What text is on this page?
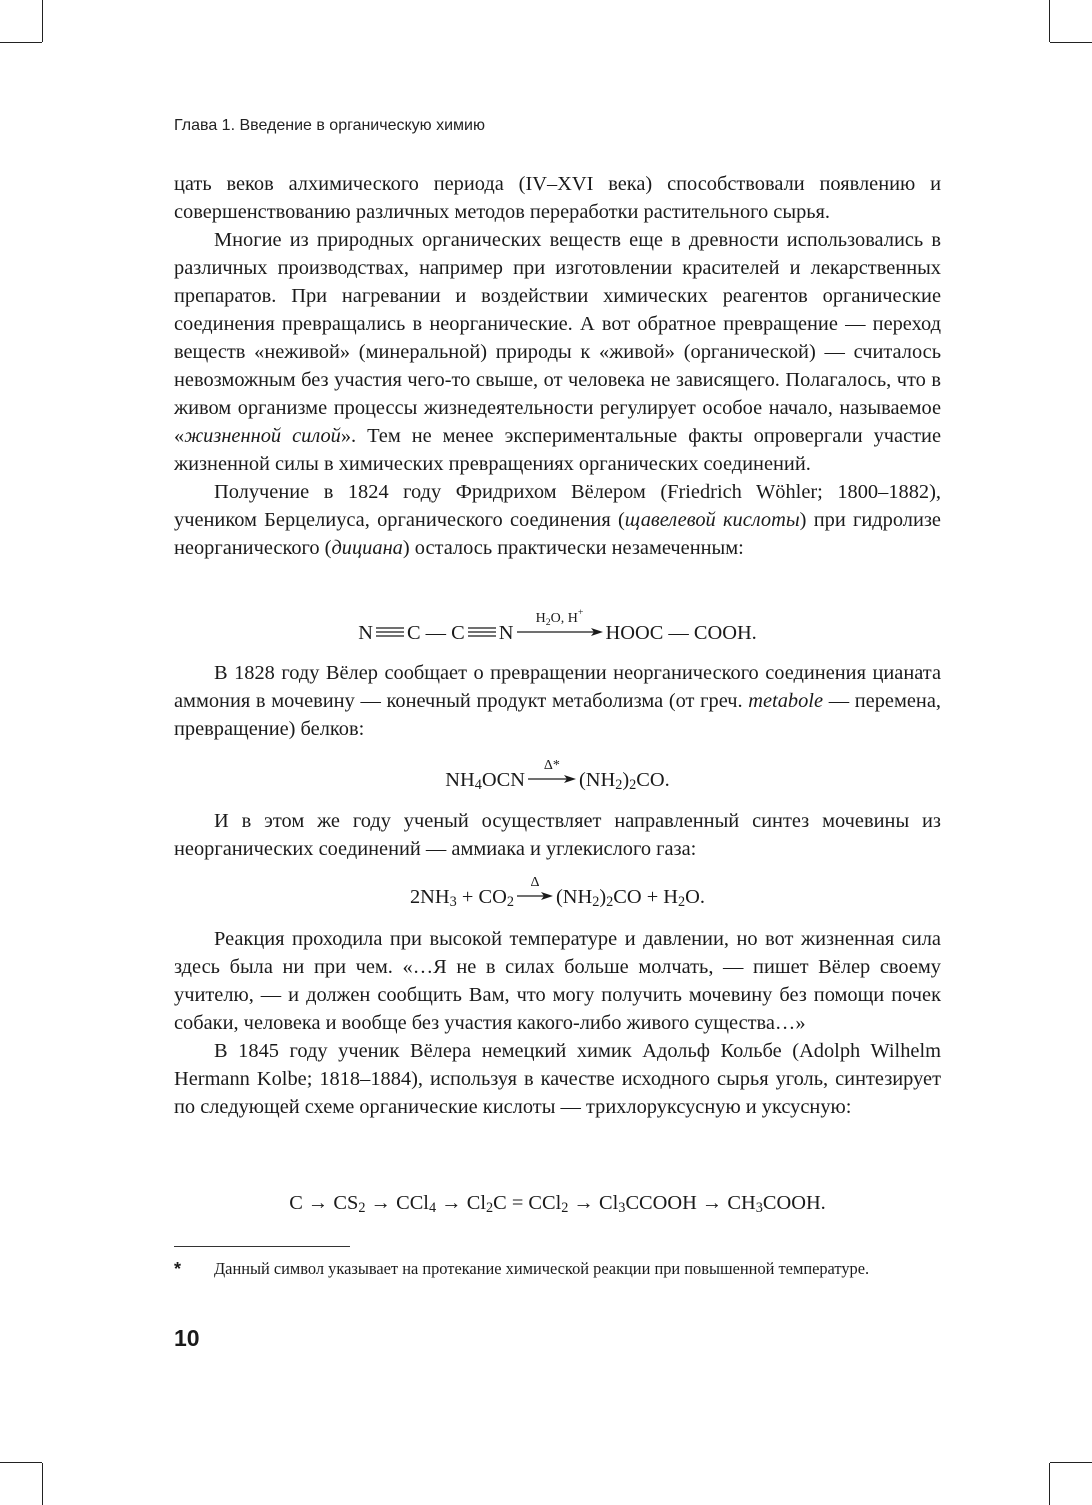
Глава 1. Введение в органическую химию

цать веков алхимического периода (IV–XVI века) способствовали появлению и совершенствованию различных методов переработки растительного сырья.

Многие из природных органических веществ еще в древности использовались в различных производствах, например при изготовлении красителей и лекарственных препаратов. При нагревании и воздействии химических реагентов органические соединения превращались в неорганические. А вот обратное превращение — переход веществ «неживой» (минеральной) природы к «живой» (органической) — считалось невозможным без участия чего-то свыше, от человека не зависящего. Полагалось, что в живом организме процессы жизнедеятельности регулирует особое начало, называемое «жизненной силой». Тем не менее экспериментальные факты опровергали участие жизненной силы в химических превращениях органических соединений.

Получение в 1824 году Фридрихом Вёлером (Friedrich Wöhler; 1800–1882), учеником Берцелиуса, органического соединения (щавелевой кислоты) при гидролизе неорганического (дициана) осталось практически незамеченным:

N C — C N
$H_2O$, H+
HOOC — COOH.

В 1828 году Вёлер сообщает о превращении неорганического соединения цианата аммония в мочевину — конечный продукт метаболизма (от греч. metabole — перемена, превращение) белков:

$NH_4OCN$
Δ*
$(NH_2)_2CO$.

И в этом же году ученый осуществляет направленный синтез мочевины из неорганических соединений — аммиака и углекислого газа:

$2NH_3 + CO_2$
Δ
$(NH_2)_2CO + H_2O$.

Реакция проходила при высокой температуре и давлении, но вот жизненная сила здесь была ни при чем. «…Я не в силах больше молчать, — пишет Вёлер своему учителю, — и должен сообщить Вам, что могу получить мочевину без помощи почек собаки, человека и вообще без участия какого-либо живого существа…»

В 1845 году ученик Вёлера немецкий химик Адольф Кольбе (Adolph Wilhelm Hermann Kolbe; 1818–1884), используя в качестве исходного сырья уголь, синтезирует по следующей схеме органические кислоты — трихлоруксусную и уксусную:

$C \to CS_2 \to CCl_4 \to Cl_2C = CCl_2$ → $Cl_3CCOOH$ → $CH_3COOH$.
* Данный символ указывает на протекание химической реакции при повышенной температуре.
10
